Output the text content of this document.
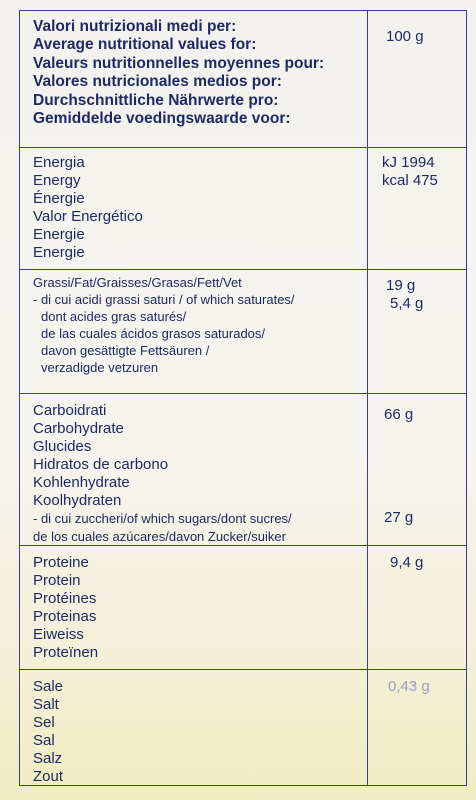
Valori nutrizionali medi per:
Average nutritional values for:
Valeurs nutritionnelles moyennes pour:
Valores nutricionales medios por:
Durchschnittliche Nährwerte pro:
Gemiddelde voedingswaarde voor:
100 g
Energia
Energy
Énergie
Valor Energético
Energie
Energie
kJ 1994
kcal 475
Grassi/Fat/Graisses/Grasas/Fett/Vet
- di cui acidi grassi saturi / of which saturates/
dont acides gras saturés/
de las cuales ácidos grasos saturados/
davon gesättigte Fettsäuren /
verzadigde vetzuren
19 g
5,4 g
Carboidrati
Carbohydrate
Glucides
Hidratos de carbono
Kohlenhydrate
Koolhydraten
- di cui zuccheri/of which sugars/dont sucres/
de los cuales azúcares/davon Zucker/suiker
66 g
27 g
Proteine
Protein
Protéines
Proteinas
Eiweiss
Proteïnen
9,4 g
Sale
Salt
Sel
Sal
Salz
Zout
0,43 g
